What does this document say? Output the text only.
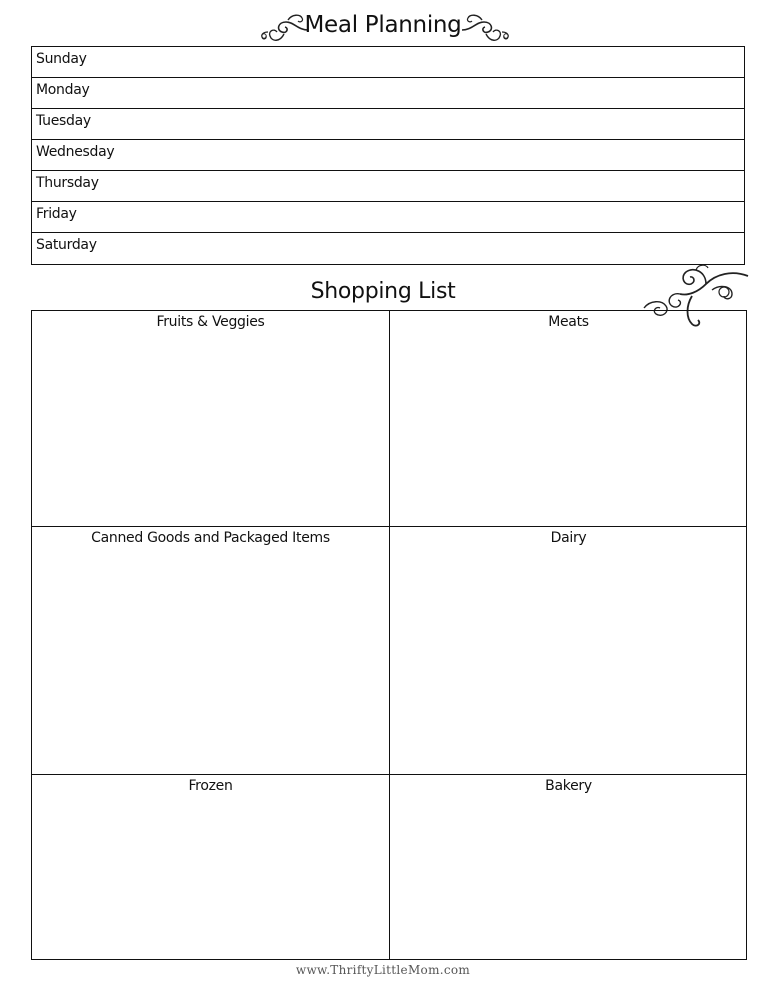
Meal Planning
Sunday
Monday
Tuesday
Wednesday
Thursday
Friday
Saturday
Shopping List
Fruits & Veggies	Meats
Canned Goods and Packaged Items	Dairy
Frozen	Bakery
www.ThriftyLittleMom.com
